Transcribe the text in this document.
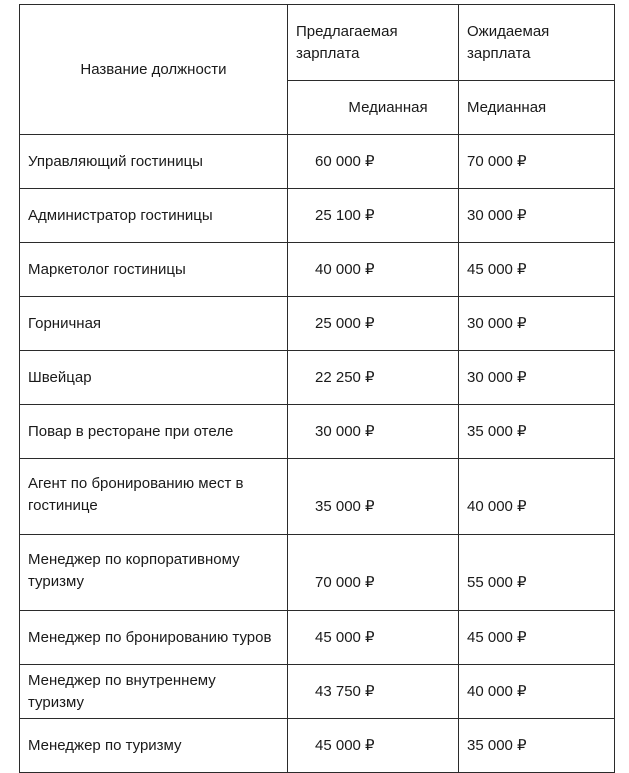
Название должности	Предлагаемая зарплата	Ожидаемая зарплата
	Медианная	Медианная
Управляющий гостиницы	60 000 ₽	70 000 ₽
Администратор гостиницы	25 100 ₽	30 000 ₽
Маркетолог гостиницы	40 000 ₽	45 000 ₽
Горничная	25 000 ₽	30 000 ₽
Швейцар	22 250 ₽	30 000 ₽
Повар в ресторане при отеле	30 000 ₽	35 000 ₽
Агент по бронированию мест в гостинице	35 000 ₽	40 000 ₽
Менеджер по корпоративному туризму	70 000 ₽	55 000 ₽
Менеджер по бронированию туров	45 000 ₽	45 000 ₽
Менеджер по внутреннему туризму	43 750 ₽	40 000 ₽
Менеджер по туризму	45 000 ₽	35 000 ₽
